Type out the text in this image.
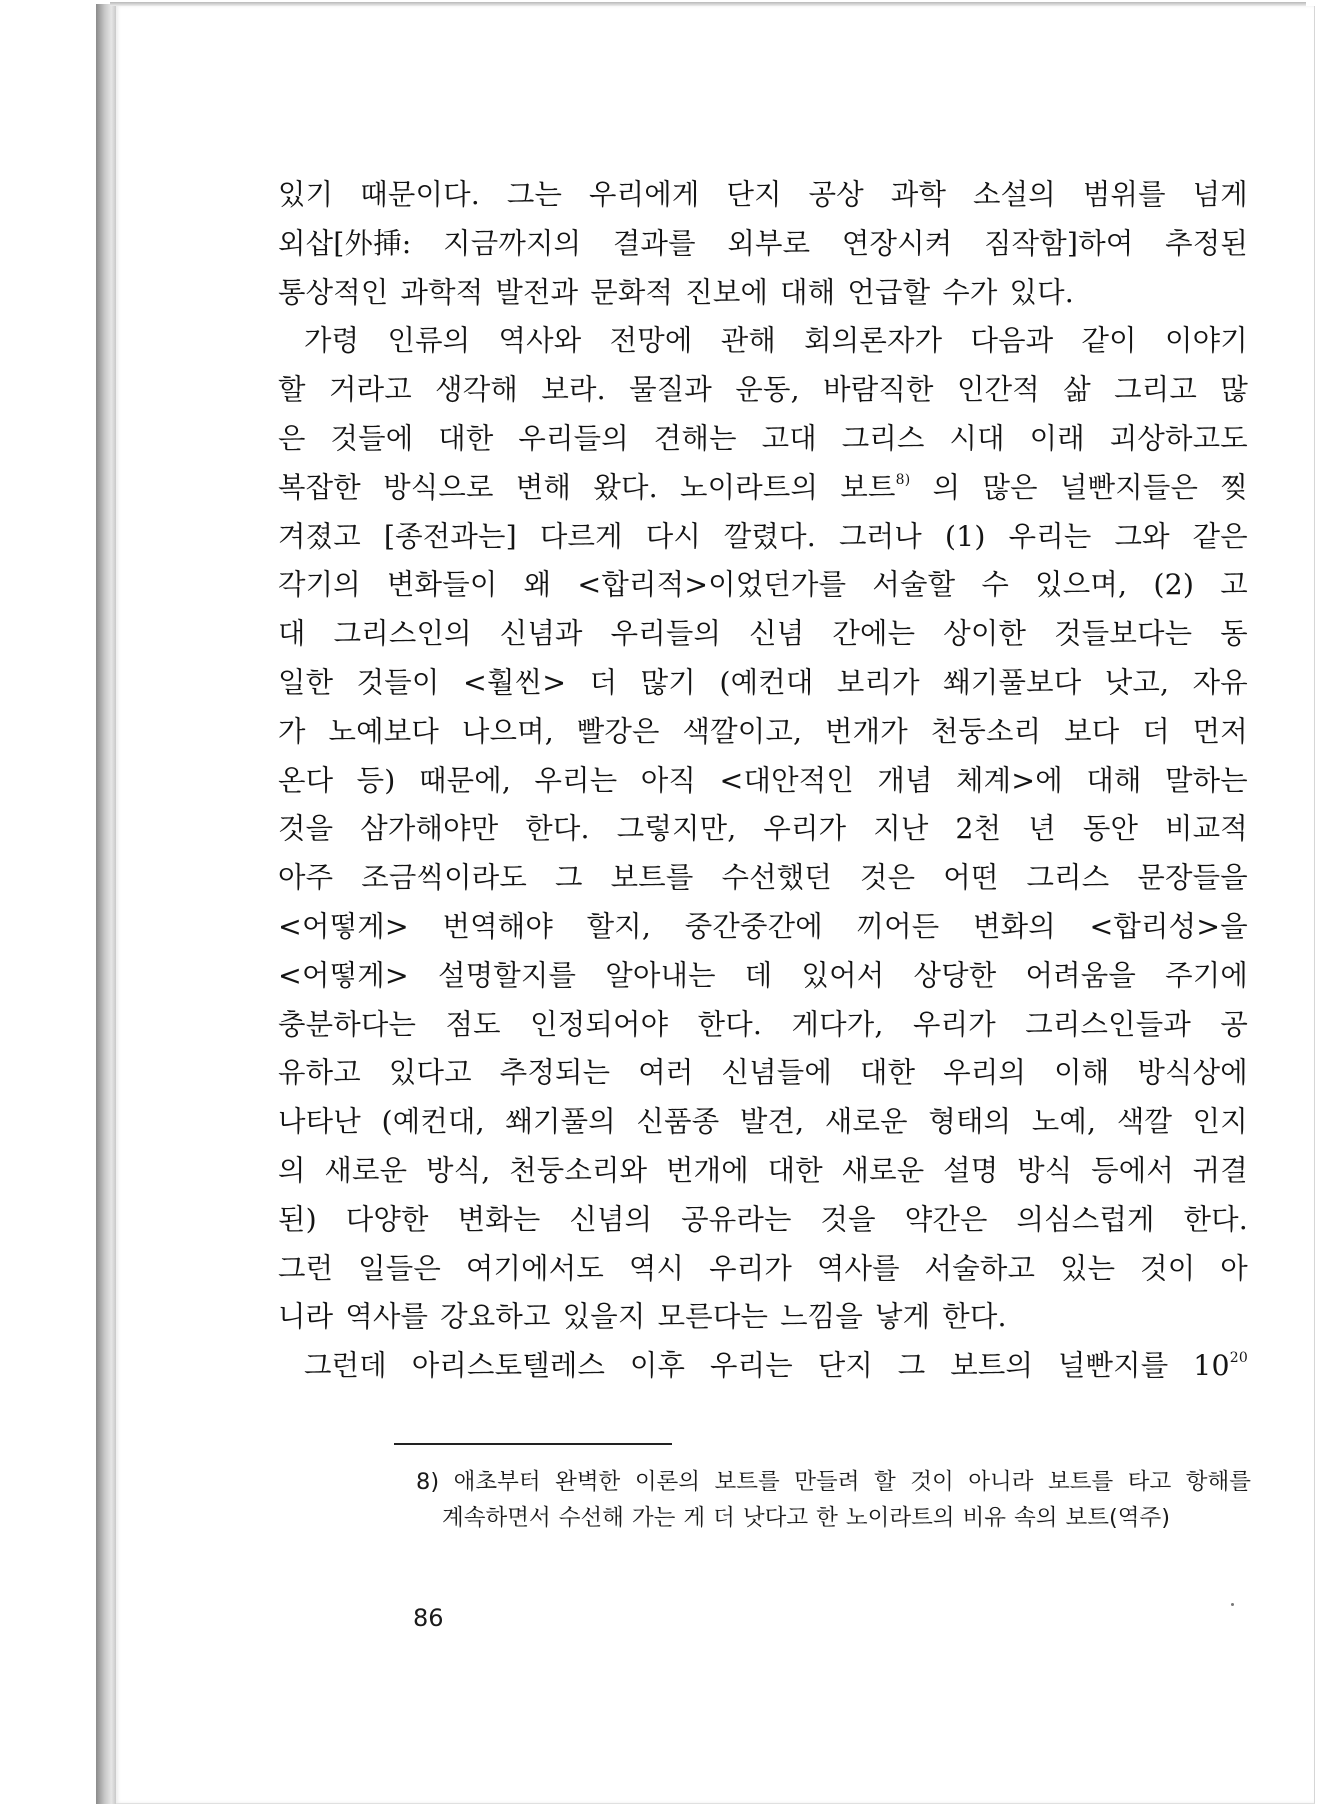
있기 때문이다. 그는 우리에게 단지 공상 과학 소설의 범위를 넘게
외삽[外挿: 지금까지의 결과를 외부로 연장시켜 짐작함]하여 추정된
통상적인 과학적 발전과 문화적 진보에 대해 언급할 수가 있다.
가령 인류의 역사와 전망에 관해 회의론자가 다음과 같이 이야기
할 거라고 생각해 보라. 물질과 운동, 바람직한 인간적 삶 그리고 많
은 것들에 대한 우리들의 견해는 고대 그리스 시대 이래 괴상하고도
복잡한 방식으로 변해 왔다. 노이라트의 보트$^{8)}$ 의 많은 널빤지들은 찢
겨졌고 [종전과는] 다르게 다시 깔렸다. 그러나 (1) 우리는 그와 같은
각기의 변화들이 왜 <합리적>이었던가를 서술할 수 있으며, (2) 고
대 그리스인의 신념과 우리들의 신념 간에는 상이한 것들보다는 동
일한 것들이 <훨씬> 더 많기 (예컨대 보리가 쐐기풀보다 낫고, 자유
가 노예보다 나으며, 빨강은 색깔이고, 번개가 천둥소리 보다 더 먼저
온다 등) 때문에, 우리는 아직 <대안적인 개념 체계>에 대해 말하는
것을 삼가해야만 한다. 그렇지만, 우리가 지난 2천 년 동안 비교적
아주 조금씩이라도 그 보트를 수선했던 것은 어떤 그리스 문장들을
<어떻게> 번역해야 할지, 중간중간에 끼어든 변화의 <합리성>을
<어떻게> 설명할지를 알아내는 데 있어서 상당한 어려움을 주기에
충분하다는 점도 인정되어야 한다. 게다가, 우리가 그리스인들과 공
유하고 있다고 추정되는 여러 신념들에 대한 우리의 이해 방식상에
나타난 (예컨대, 쐐기풀의 신품종 발견, 새로운 형태의 노예, 색깔 인지
의 새로운 방식, 천둥소리와 번개에 대한 새로운 설명 방식 등에서 귀결
된) 다양한 변화는 신념의 공유라는 것을 약간은 의심스럽게 한다.
그런 일들은 여기에서도 역시 우리가 역사를 서술하고 있는 것이 아
니라 역사를 강요하고 있을지 모른다는 느낌을 낳게 한다.
그런데 아리스토텔레스 이후 우리는 단지 그 보트의 널빤지를 10$^{20}$
8) 애초부터 완벽한 이론의 보트를 만들려 할 것이 아니라 보트를 타고 항해를
계속하면서 수선해 가는 게 더 낫다고 한 노이라트의 비유 속의 보트(역주)
86
